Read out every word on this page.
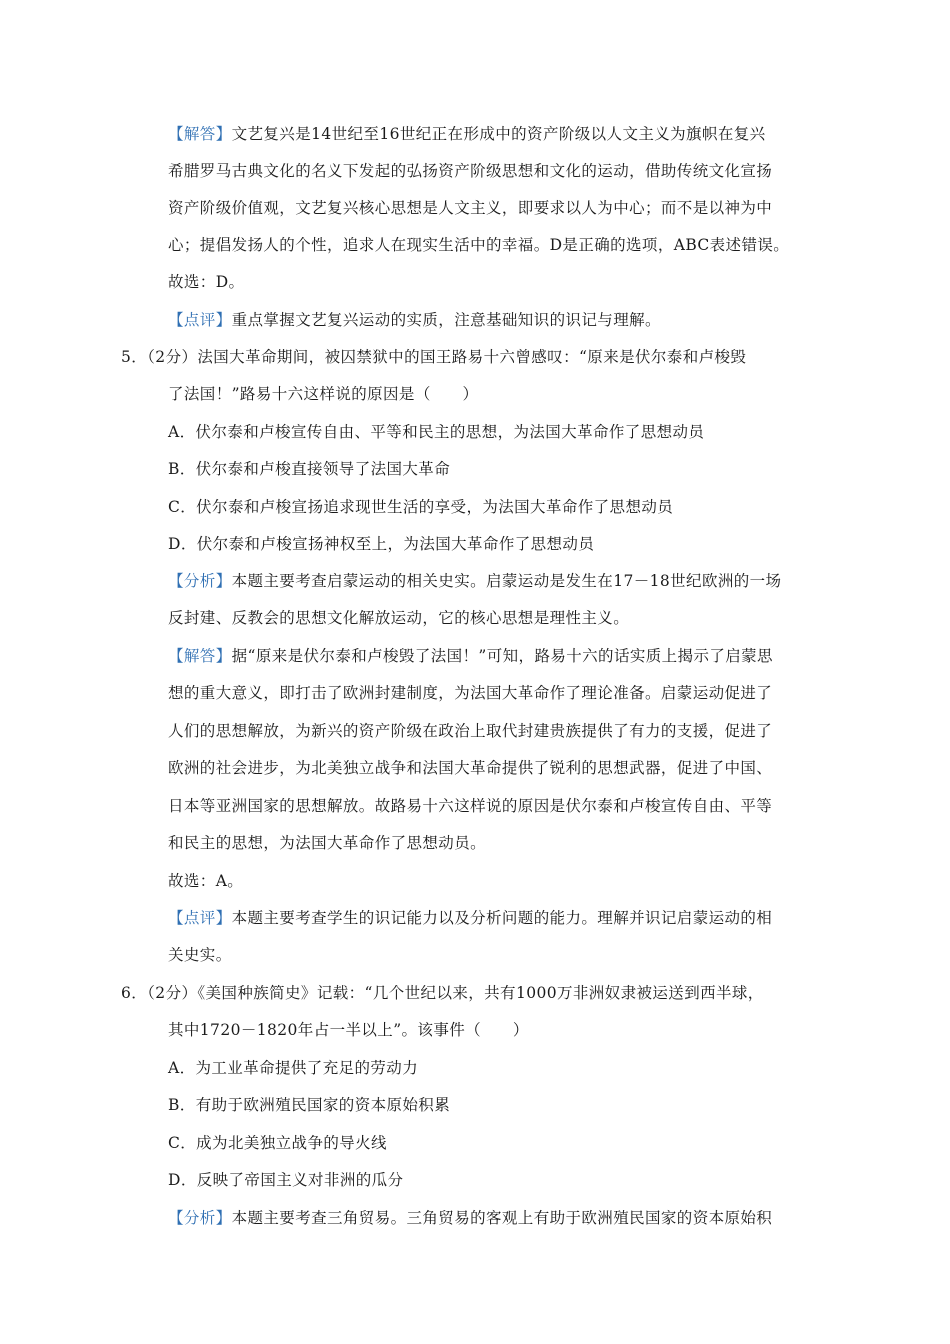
【解答】文艺复兴是14世纪至16世纪正在形成中的资产阶级以人文主义为旗帜在复兴
希腊罗马古典文化的名义下发起的弘扬资产阶级思想和文化的运动，借助传统文化宣扬
资产阶级价值观，文艺复兴核心思想是人文主义，即要求以人为中心；而不是以神为中
心；提倡发扬人的个性，追求人在现实生活中的幸福。D是正确的选项，ABC表述错误。
故选：D。
【点评】重点掌握文艺复兴运动的实质，注意基础知识的识记与理解。
5．（2分）法国大革命期间，被囚禁狱中的国王路易十六曾感叹：“原来是伏尔泰和卢梭毁
了法国！”路易十六这样说的原因是（　　）
A．伏尔泰和卢梭宣传自由、平等和民主的思想，为法国大革命作了思想动员
B．伏尔泰和卢梭直接领导了法国大革命
C．伏尔泰和卢梭宣扬追求现世生活的享受，为法国大革命作了思想动员
D．伏尔泰和卢梭宣扬神权至上，为法国大革命作了思想动员
【分析】本题主要考查启蒙运动的相关史实。启蒙运动是发生在17－18世纪欧洲的一场
反封建、反教会的思想文化解放运动，它的核心思想是理性主义。
【解答】据“原来是伏尔泰和卢梭毁了法国！”可知，路易十六的话实质上揭示了启蒙思
想的重大意义，即打击了欧洲封建制度，为法国大革命作了理论准备。启蒙运动促进了
人们的思想解放，为新兴的资产阶级在政治上取代封建贵族提供了有力的支援，促进了
欧洲的社会进步，为北美独立战争和法国大革命提供了锐利的思想武器，促进了中国、
日本等亚洲国家的思想解放。故路易十六这样说的原因是伏尔泰和卢梭宣传自由、平等
和民主的思想，为法国大革命作了思想动员。
故选：A。
【点评】本题主要考查学生的识记能力以及分析问题的能力。理解并识记启蒙运动的相
关史实。
6．（2分）《美国种族简史》记载：“几个世纪以来，共有1000万非洲奴隶被运送到西半球，
其中1720－1820年占一半以上”。该事件（　　）
A．为工业革命提供了充足的劳动力
B．有助于欧洲殖民国家的资本原始积累
C．成为北美独立战争的导火线
D．反映了帝国主义对非洲的瓜分
【分析】本题主要考查三角贸易。三角贸易的客观上有助于欧洲殖民国家的资本原始积
